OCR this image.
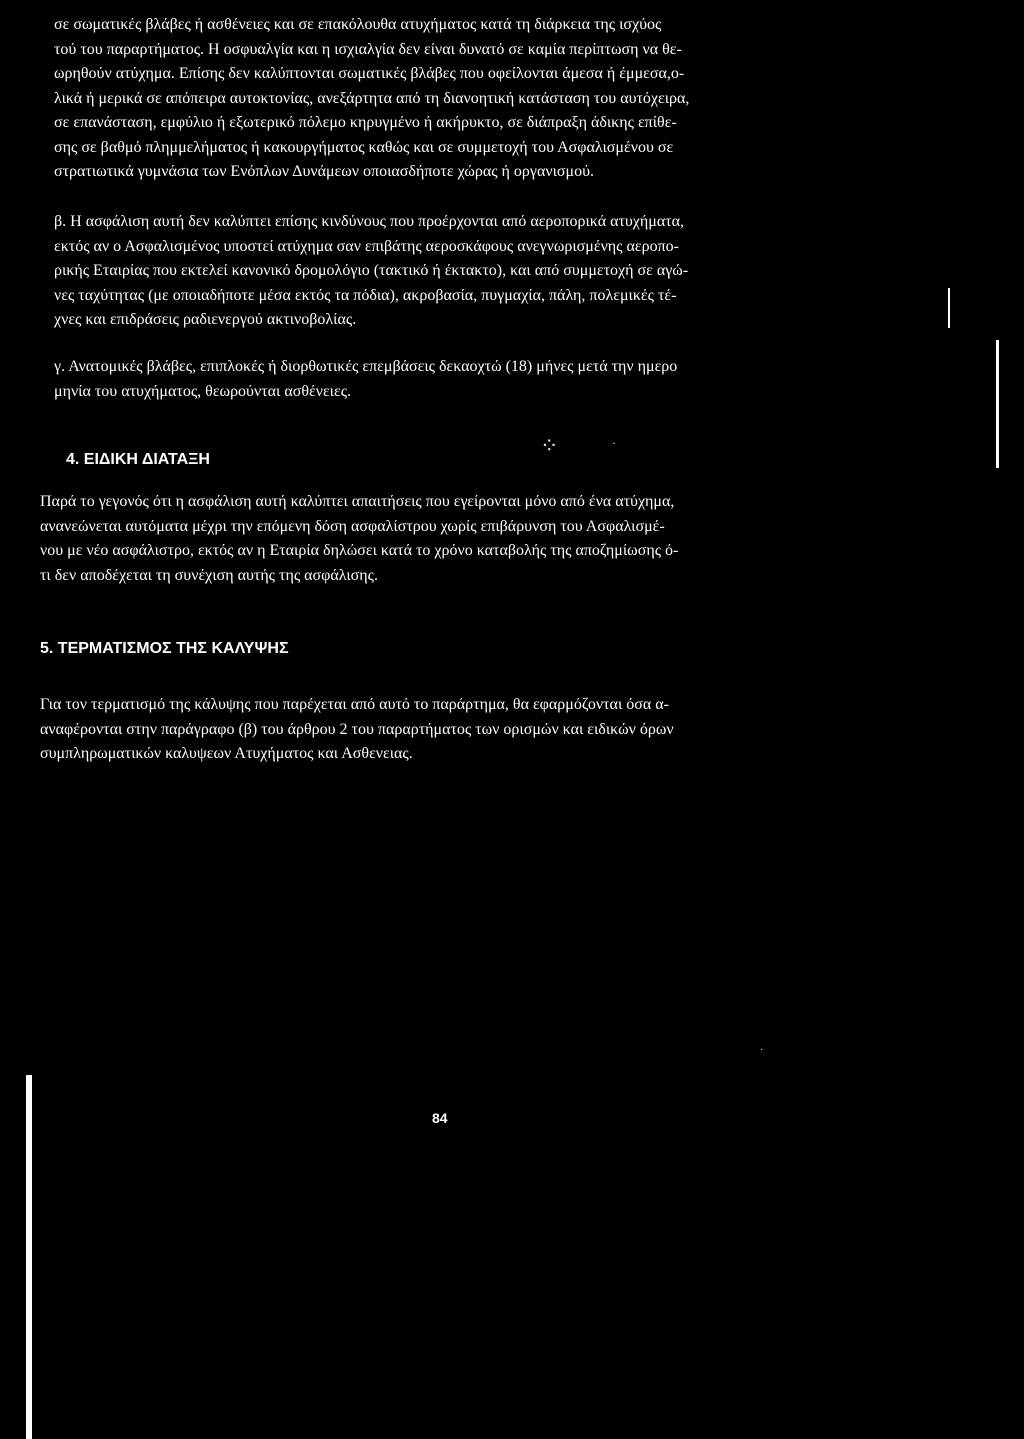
σε σωματικές βλάβες ή ασθένειες και σε επακόλουθα ατυχήματος κατά τη διάρκεια της ισχύος
τού του παραρτήματος. Η οσφυαλγία και η ισχιαλγία δεν είναι δυνατό σε καμία περίπτωση να θε-
ωρηθούν ατύχημα. Επίσης δεν καλύπτονται σωματικές βλάβες που οφείλονται άμεσα ή έμμεσα,ο-
λικά ή μερικά σε απόπειρα αυτοκτονίας, ανεξάρτητα από τη διανοητική κατάσταση του αυτόχειρα,
σε επανάσταση, εμφύλιο ή εξωτερικό πόλεμο κηρυγμένο ή ακήρυκτο, σε διάπραξη άδικης επίθε-
σης σε βαθμό πλημμελήματος ή κακουργήματος καθώς και σε συμμετοχή του Ασφαλισμένου σε
στρατιωτικά γυμνάσια των Ενόπλων Δυνάμεων οποιασδήποτε χώρας ή οργανισμού.

β. Η ασφάλιση αυτή δεν καλύπτει επίσης κινδύνους που προέρχονται από αεροπορικά ατυχήματα,
εκτός αν ο Ασφαλισμένος υποστεί ατύχημα σαν επιβάτης αεροσκάφους ανεγνωρισμένης αεροπο-
ρικής Εταιρίας που εκτελεί κανονικό δρομολόγιο (τακτικό ή έκτακτο), και από συμμετοχή σε αγώ-
νες ταχύτητας (με οποιαδήποτε μέσα εκτός τα πόδια), ακροβασία, πυγμαχία, πάλη, πολεμικές τέ-
χνες και επιδράσεις ραδιενεργού ακτινοβολίας.

γ. Ανατομικές βλάβες, επιπλοκές ή διορθωτικές επεμβάσεις δεκαοχτώ (18) μήνες μετά την ημερο
μηνία του ατυχήματος, θεωρούνται ασθένειες.

4. ΕΙΔΙΚΗ ΔΙΑΤΑΞΗ

Παρά το γεγονός ότι η ασφάλιση αυτή καλύπτει απαιτήσεις που εγείρονται μόνο από ένα ατύχημα,
ανανεώνεται αυτόματα μέχρι την επόμενη δόση ασφαλίστρου χωρίς επιβάρυνση του Ασφαλισμέ-
νου με νέο ασφάλιστρο, εκτός αν η Εταιρία δηλώσει κατά το χρόνο καταβολής της αποζημίωσης ό-
τι δεν αποδέχεται τη συνέχιση αυτής της ασφάλισης.

5. ΤΕΡΜΑΤΙΣΜΟΣ ΤΗΣ ΚΑΛΥΨΗΣ

Για τον τερματισμό της κάλυψης που παρέχεται από αυτό το παράρτημα, θα εφαρμόζονται όσα α-
αναφέρονται στην παράγραφο (β) του άρθρου 2 του παραρτήματος των ορισμών και ειδικών όρων
συμπληρωματικών καλυψεων Ατυχήματος και Ασθενειας.

84
⁘	·
·
